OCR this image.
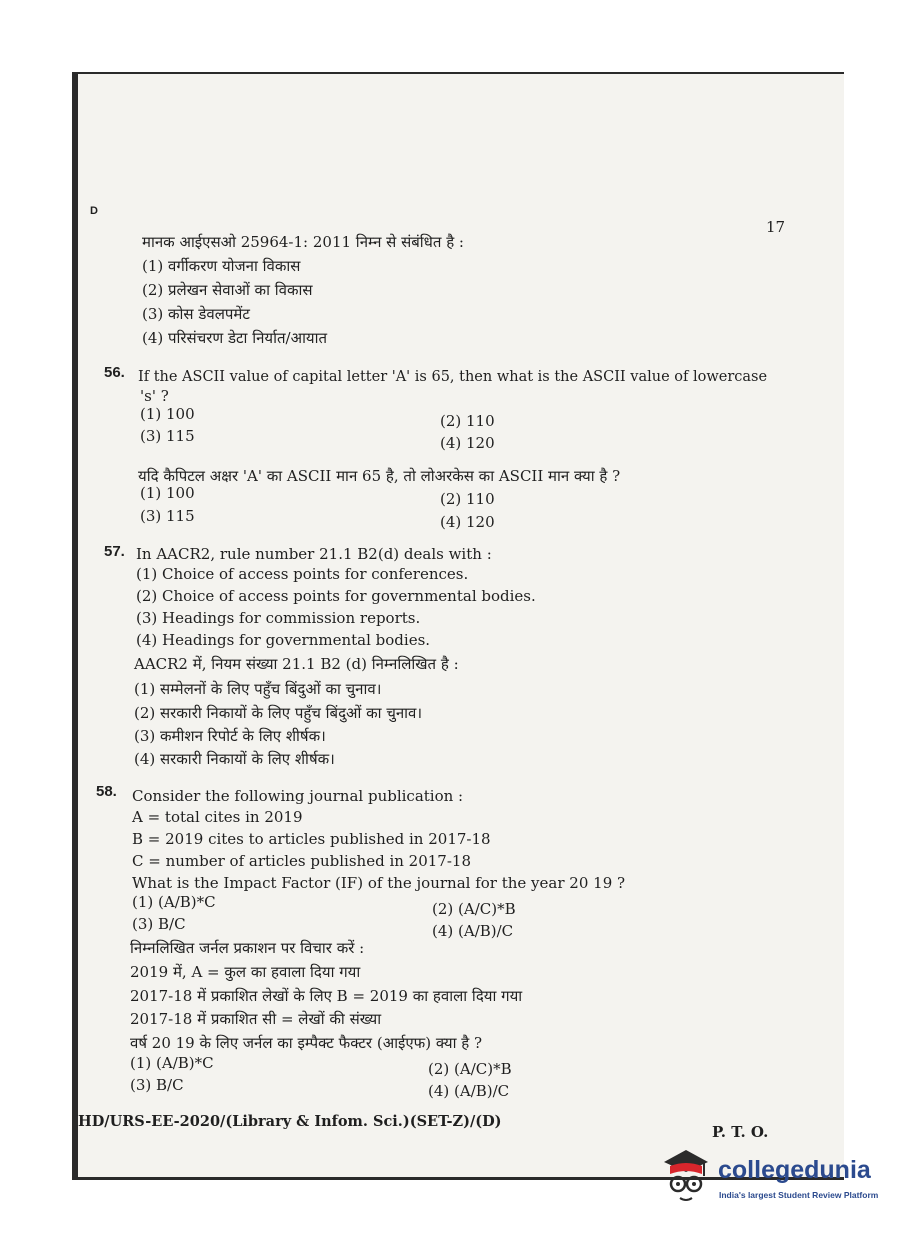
D
17
मानक आईएसओ 25964-1: 2011 निम्न से संबंधित है :
(1) वर्गीकरण योजना विकास
(2) प्रलेखन सेवाओं का विकास
(3) कोस डेवलपमेंट
(4) परिसंचरण डेटा निर्यात/आयात
56. If the ASCII value of capital letter 'A' is 65, then what is the ASCII value of lowercase
's' ?
(1) 100	(2) 110
(3) 115	(4) 120
यदि कैपिटल अक्षर 'A' का ASCII मान 65 है, तो लोअरकेस का ASCII मान क्या है ?
(1) 100	(2) 110
(3) 115	(4) 120
57. In AACR2, rule number 21.1 B2(d) deals with :
(1) Choice of access points for conferences.
(2) Choice of access points for governmental bodies.
(3) Headings for commission reports.
(4) Headings for governmental bodies.
AACR2 में, नियम संख्या 21.1 B2 (d) निम्नलिखित है :
(1) सम्मेलनों के लिए पहुँच बिंदुओं का चुनाव।
(2) सरकारी निकायों के लिए पहुँच बिंदुओं का चुनाव।
(3) कमीशन रिपोर्ट के लिए शीर्षक।
(4) सरकारी निकायों के लिए शीर्षक।
58. Consider the following journal publication :
A = total cites in 2019
B = 2019 cites to articles published in 2017-18
C = number of articles published in 2017-18
What is the Impact Factor (IF) of the journal for the year 20 19 ?
(1) (A/B)*C	(2) (A/C)*B
(3) B/C	(4) (A/B)/C
निम्नलिखित जर्नल प्रकाशन पर विचार करें :
2019 में, A = कुल का हवाला दिया गया
2017-18 में प्रकाशित लेखों के लिए B = 2019 का हवाला दिया गया
2017-18 में प्रकाशित सी = लेखों की संख्या
वर्ष 20 19 के लिए जर्नल का इम्पैक्ट फैक्टर (आईएफ) क्या है ?
(1) (A/B)*C	(2) (A/C)*B
(3) B/C	(4) (A/B)/C
HD/URS-EE-2020/(Library & Infom. Sci.)(SET-Z)/(D)
P. T. O.
collegedunia
India's largest Student Review Platform
